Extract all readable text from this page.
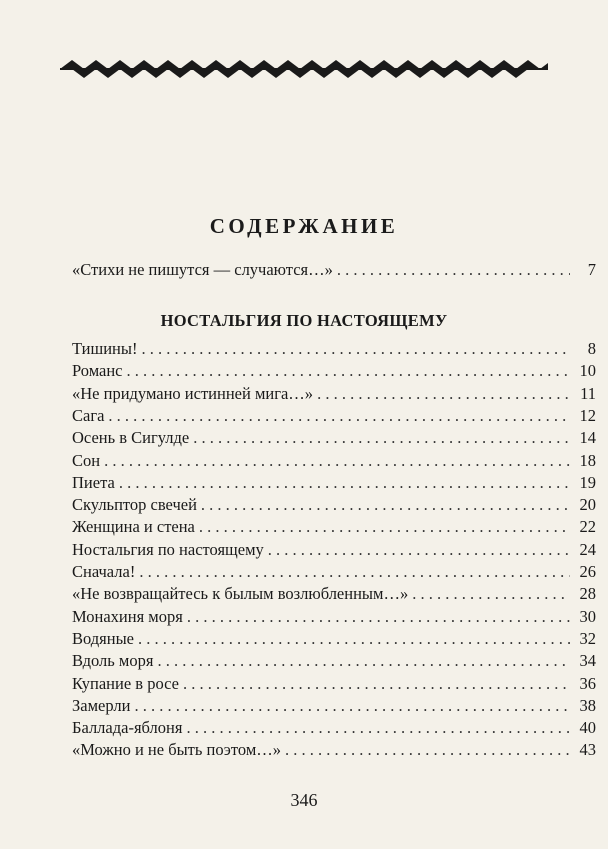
СОДЕРЖАНИЕ
«Стихи не пишутся — случаются…» . . .	7
НОСТАЛЬГИЯ ПО НАСТОЯЩЕМУ
Тишины! . . .	8
Романс . . .	10
«Не придумано истинней мига…» . . .	11
Сага . . .	12
Осень в Сигулде . . .	14
Сон . . .	18
Пиета . . .	19
Скульптор свечей . . .	20
Женщина и стена . . .	22
Ностальгия по настоящему . . .	24
Сначала! . . .	26
«Не возвращайтесь к былым возлюбленным…» . . .	28
Монахиня моря . . .	30
Водяные . . .	32
Вдоль моря . . .	34
Купание в росе . . .	36
Замерли . . .	38
Баллада-яблоня . . .	40
«Можно и не быть поэтом…» . . .	43
346
